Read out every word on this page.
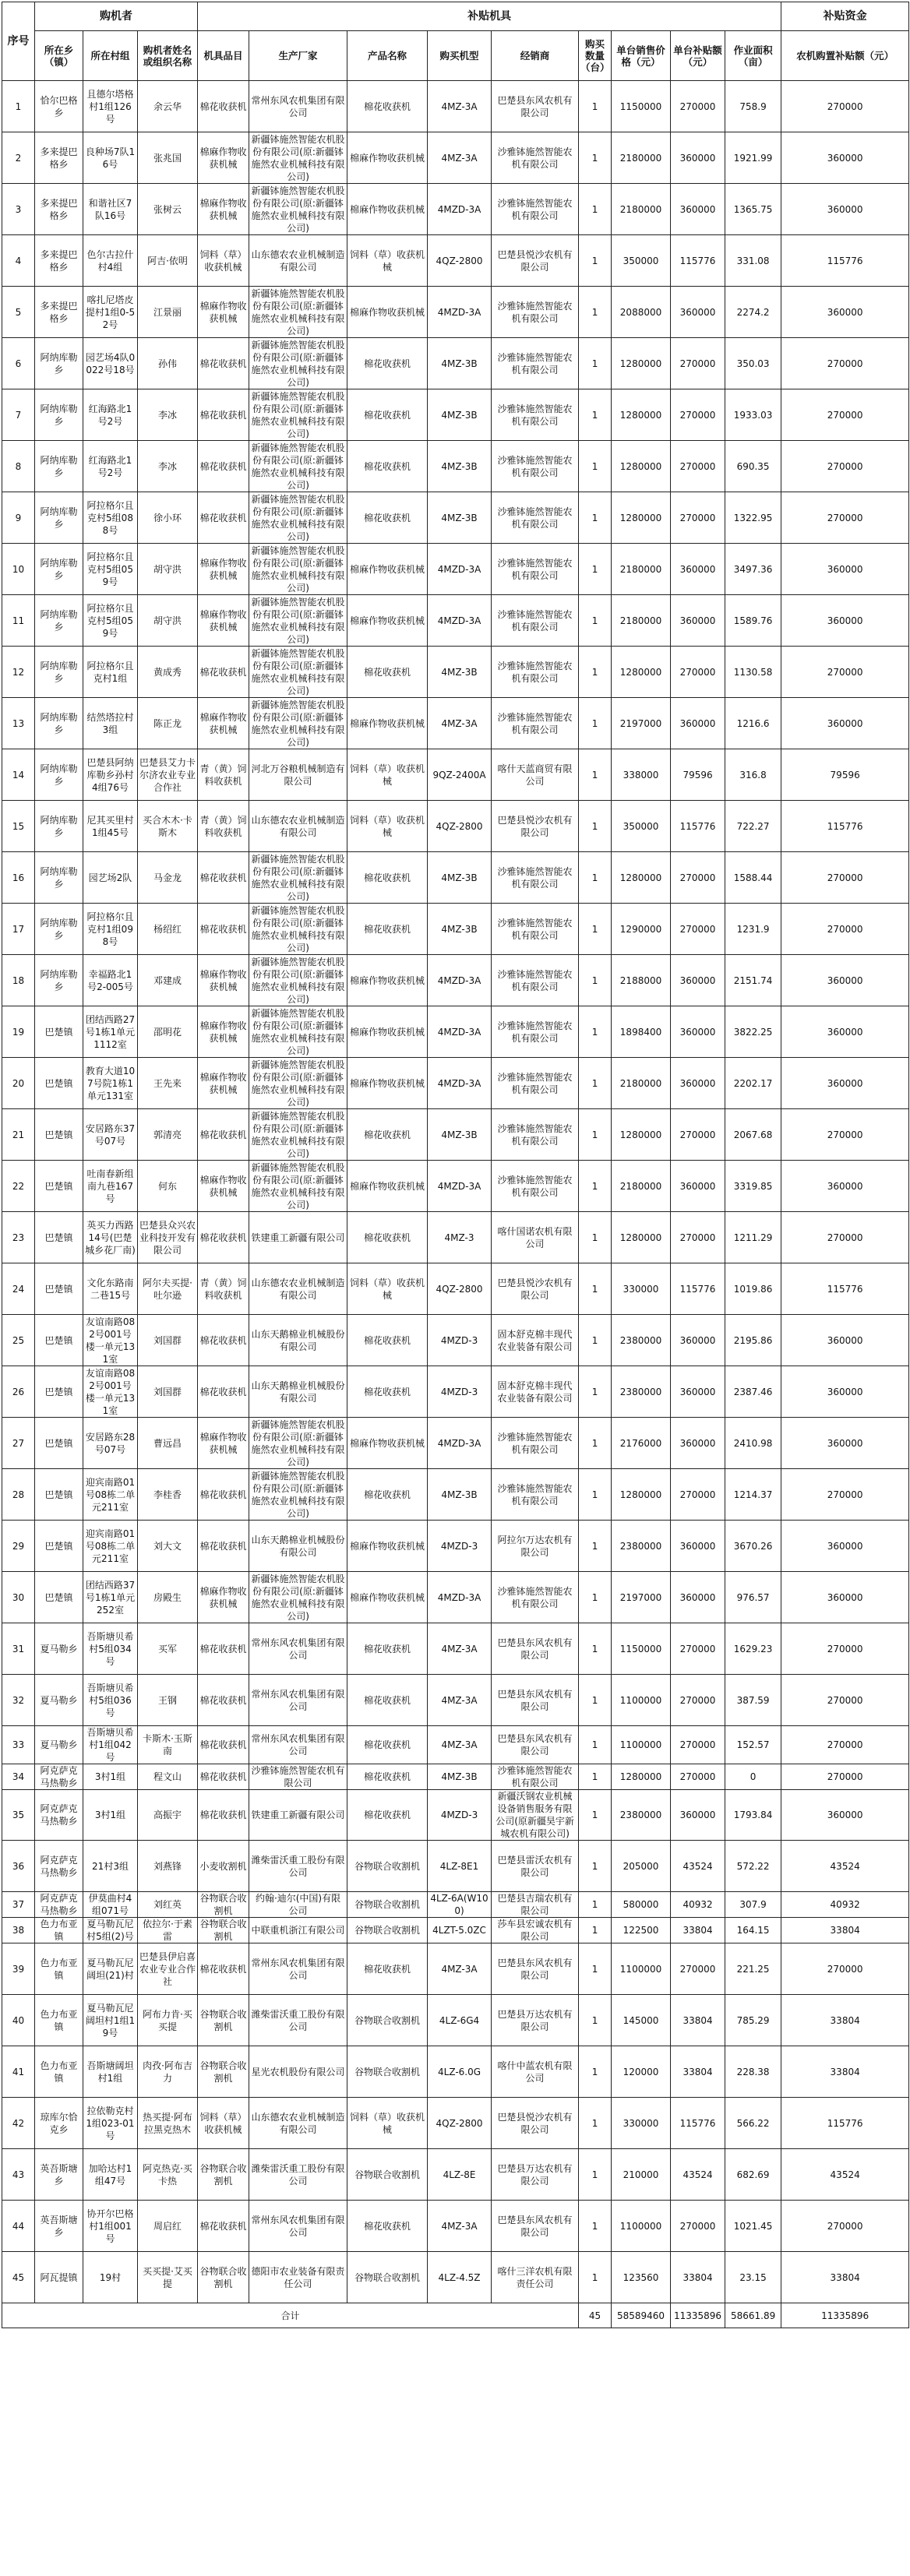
序号	购机者			补贴机具									补贴资金
	所在乡（镇）	所在村组	购机者姓名或组织名称	机具品目	生产厂家	产品名称	购买机型	经销商	购买数量（台）	单台销售价格（元）	单台补贴额（元）	作业面积（亩）	农机购置补贴额（元）
1	恰尔巴格乡	且德尔塔格村1组126号	余云华	棉花收获机	常州东风农机集团有限公司	棉花收获机	4MZ-3A	巴楚县东风农机有限公司	1	1150000	270000	758.9	270000
2	多来提巴格乡	良种场7队16号	张兆国	棉麻作物收获机械	新疆钵施然智能农机股份有限公司(原:新疆钵施然农业机械科技有限公司)	棉麻作物收获机械	4MZ-3A	沙雅钵施然智能农机有限公司	1	2180000	360000	1921.99	360000
3	多来提巴格乡	和谐社区7队16号	张树云	棉麻作物收获机械	新疆钵施然智能农机股份有限公司(原:新疆钵施然农业机械科技有限公司)	棉麻作物收获机械	4MZD-3A	沙雅钵施然智能农机有限公司	1	2180000	360000	1365.75	360000
4	多来提巴格乡	色尔古拉什村4组	阿吉·依明	饲料（草）收获机械	山东德农农业机械制造有限公司	饲料（草）收获机械	4QZ-2800	巴楚县悦沙农机有限公司	1	350000	115776	331.08	115776
5	多来提巴格乡	喀扎尼塔皮提村1组0-52号	江景丽	棉麻作物收获机械	新疆钵施然智能农机股份有限公司(原:新疆钵施然农业机械科技有限公司)	棉麻作物收获机械	4MZD-3A	沙雅钵施然智能农机有限公司	1	2088000	360000	2274.2	360000
6	阿纳库勒乡	园艺场4队0022号18号	孙伟	棉花收获机	新疆钵施然智能农机股份有限公司(原:新疆钵施然农业机械科技有限公司)	棉花收获机	4MZ-3B	沙雅钵施然智能农机有限公司	1	1280000	270000	350.03	270000
7	阿纳库勒乡	红海路北1号2号	李冰	棉花收获机	新疆钵施然智能农机股份有限公司(原:新疆钵施然农业机械科技有限公司)	棉花收获机	4MZ-3B	沙雅钵施然智能农机有限公司	1	1280000	270000	1933.03	270000
8	阿纳库勒乡	红海路北1号2号	李冰	棉花收获机	新疆钵施然智能农机股份有限公司(原:新疆钵施然农业机械科技有限公司)	棉花收获机	4MZ-3B	沙雅钵施然智能农机有限公司	1	1280000	270000	690.35	270000
9	阿纳库勒乡	阿拉格尔且克村5组088号	徐小环	棉花收获机	新疆钵施然智能农机股份有限公司(原:新疆钵施然农业机械科技有限公司)	棉花收获机	4MZ-3B	沙雅钵施然智能农机有限公司	1	1280000	270000	1322.95	270000
10	阿纳库勒乡	阿拉格尔且克村5组059号	胡守洪	棉麻作物收获机械	新疆钵施然智能农机股份有限公司(原:新疆钵施然农业机械科技有限公司)	棉麻作物收获机械	4MZD-3A	沙雅钵施然智能农机有限公司	1	2180000	360000	3497.36	360000
11	阿纳库勒乡	阿拉格尔且克村5组059号	胡守洪	棉麻作物收获机械	新疆钵施然智能农机股份有限公司(原:新疆钵施然农业机械科技有限公司)	棉麻作物收获机械	4MZD-3A	沙雅钵施然智能农机有限公司	1	2180000	360000	1589.76	360000
12	阿纳库勒乡	阿拉格尔且克村1组	黄成秀	棉花收获机	新疆钵施然智能农机股份有限公司(原:新疆钵施然农业机械科技有限公司)	棉花收获机	4MZ-3B	沙雅钵施然智能农机有限公司	1	1280000	270000	1130.58	270000
13	阿纳库勒乡	结然塔拉村3组	陈正龙	棉麻作物收获机械	新疆钵施然智能农机股份有限公司(原:新疆钵施然农业机械科技有限公司)	棉麻作物收获机械	4MZ-3A	沙雅钵施然智能农机有限公司	1	2197000	360000	1216.6	360000
14	阿纳库勒乡	巴楚县阿纳库勒乡孙村4组76号	巴楚县艾力卡尔济农业专业合作社	青（黄）饲料收获机	河北万谷粮机械制造有限公司	饲料（草）收获机械	9QZ-2400A	喀什天蓝商贸有限公司	1	338000	79596	316.8	79596
15	阿纳库勒乡	尼其买里村1组45号	买合木木·卡斯木	青（黄）饲料收获机	山东德农农业机械制造有限公司	饲料（草）收获机械	4QZ-2800	巴楚县悦沙农机有限公司	1	350000	115776	722.27	115776
16	阿纳库勒乡	园艺场2队	马金龙	棉花收获机	新疆钵施然智能农机股份有限公司(原:新疆钵施然农业机械科技有限公司)	棉花收获机	4MZ-3B	沙雅钵施然智能农机有限公司	1	1280000	270000	1588.44	270000
17	阿纳库勒乡	阿拉格尔且克村1组098号	杨绍红	棉花收获机	新疆钵施然智能农机股份有限公司(原:新疆钵施然农业机械科技有限公司)	棉花收获机	4MZ-3B	沙雅钵施然智能农机有限公司	1	1290000	270000	1231.9	270000
18	阿纳库勒乡	幸福路北1号2-005号	邓建成	棉麻作物收获机械	新疆钵施然智能农机股份有限公司(原:新疆钵施然农业机械科技有限公司)	棉麻作物收获机械	4MZD-3A	沙雅钵施然智能农机有限公司	1	2188000	360000	2151.74	360000
19	巴楚镇	团结西路27号1栋1单元1112室	邵明花	棉麻作物收获机械	新疆钵施然智能农机股份有限公司(原:新疆钵施然农业机械科技有限公司)	棉麻作物收获机械	4MZD-3A	沙雅钵施然智能农机有限公司	1	1898400	360000	3822.25	360000
20	巴楚镇	教育大道107号院1栋1单元131室	王先来	棉麻作物收获机械	新疆钵施然智能农机股份有限公司(原:新疆钵施然农业机械科技有限公司)	棉麻作物收获机械	4MZD-3A	沙雅钵施然智能农机有限公司	1	2180000	360000	2202.17	360000
21	巴楚镇	安居路东37号07号	郭清亮	棉花收获机	新疆钵施然智能农机股份有限公司(原:新疆钵施然农业机械科技有限公司)	棉花收获机	4MZ-3B	沙雅钵施然智能农机有限公司	1	1280000	270000	2067.68	270000
22	巴楚镇	吐南春新组南九巷167号	何东	棉麻作物收获机械	新疆钵施然智能农机股份有限公司(原:新疆钵施然农业机械科技有限公司)	棉麻作物收获机械	4MZD-3A	沙雅钵施然智能农机有限公司	1	2180000	360000	3319.85	360000
23	巴楚镇	英买力西路14号(巴楚城乡花厂南)	巴楚县众兴农业科技开发有限公司	棉花收获机	铁建重工新疆有限公司	棉花收获机	4MZ-3	喀什国诺农机有限公司	1	1280000	270000	1211.29	270000
24	巴楚镇	文化东路南二巷15号	阿尔夫买提·吐尔逊	青（黄）饲料收获机	山东德农农业机械制造有限公司	饲料（草）收获机械	4QZ-2800	巴楚县悦沙农机有限公司	1	330000	115776	1019.86	115776
25	巴楚镇	友谊南路082号001号楼一单元131室	刘国群	棉花收获机	山东天鹅棉业机械股份有限公司	棉花收获机	4MZD-3	固本舒克棉丰现代农业装备有限公司	1	2380000	360000	2195.86	360000
26	巴楚镇	友谊南路082号001号楼一单元131室	刘国群	棉花收获机	山东天鹅棉业机械股份有限公司	棉花收获机	4MZD-3	固本舒克棉丰现代农业装备有限公司	1	2380000	360000	2387.46	360000
27	巴楚镇	安居路东28号07号	曹远昌	棉麻作物收获机械	新疆钵施然智能农机股份有限公司(原:新疆钵施然农业机械科技有限公司)	棉麻作物收获机械	4MZD-3A	沙雅钵施然智能农机有限公司	1	2176000	360000	2410.98	360000
28	巴楚镇	迎宾南路01号08栋二单元211室	李桂香	棉花收获机	新疆钵施然智能农机股份有限公司(原:新疆钵施然农业机械科技有限公司)	棉花收获机	4MZ-3B	沙雅钵施然智能农机有限公司	1	1280000	270000	1214.37	270000
29	巴楚镇	迎宾南路01号08栋二单元211室	刘大文	棉花收获机	山东天鹅棉业机械股份有限公司	棉麻作物收获机械	4MZD-3	阿拉尔万达农机有限公司	1	2380000	360000	3670.26	360000
30	巴楚镇	团结西路37号1栋1单元252室	房殿生	棉麻作物收获机械	新疆钵施然智能农机股份有限公司(原:新疆钵施然农业机械科技有限公司)	棉麻作物收获机械	4MZD-3A	沙雅钵施然智能农机有限公司	1	2197000	360000	976.57	360000
31	夏马勒乡	吾斯塘贝希村5组034号	买军	棉花收获机	常州东风农机集团有限公司	棉花收获机	4MZ-3A	巴楚县东风农机有限公司	1	1150000	270000	1629.23	270000
32	夏马勒乡	吾斯塘贝希村5组036号	王钢	棉花收获机	常州东风农机集团有限公司	棉花收获机	4MZ-3A	巴楚县东风农机有限公司	1	1100000	270000	387.59	270000
33	夏马勒乡	吾斯塘贝希村1组042号	卡斯木·玉斯南	棉花收获机	常州东风农机集团有限公司	棉花收获机	4MZ-3A	巴楚县东风农机有限公司	1	1100000	270000	152.57	270000
34	阿克萨克马热勒乡	3村1组	程文山	棉花收获机	沙雅钵施然智能农机有限公司	棉花收获机	4MZ-3B	沙雅钵施然智能农机有限公司	1	1280000	270000	0	270000
35	阿克萨克马热勒乡	3村1组	高振宇	棉花收获机	铁建重工新疆有限公司	棉花收获机	4MZD-3	新疆沃钢农业机械设备销售服务有限公司(原新疆昊宇新城农机有限公司)	1	2380000	360000	1793.84	360000
36	阿克萨克马热勒乡	21村3组	刘燕锋	小麦收割机	潍柴雷沃重工股份有限公司	谷物联合收割机	4LZ-8E1	巴楚县雷沃农机有限公司	1	205000	43524	572.22	43524
37	阿克萨克马热勒乡	伊莫曲村4组071号	刘红英	谷物联合收割机	约翰·迪尔(中国)有限公司	谷物联合收割机	4LZ-6A(W100)	巴楚县吉瑞农机有限公司	1	580000	40932	307.9	40932
38	色力布亚镇	夏马勒瓦尼村5组(2)号	依拉尔·于素雷	谷物联合收割机	中联重机浙江有限公司	谷物联合收割机	4LZT-5.0ZC	莎车县宏诚农机有限公司	1	122500	33804	164.15	33804
39	色力布亚镇	夏马勒瓦尼阔坦(21)村	巴楚县伊启喜农业专业合作社	棉花收获机	常州东风农机集团有限公司	棉花收获机	4MZ-3A	巴楚县东风农机有限公司	1	1100000	270000	221.25	270000
40	色力布亚镇	夏马勒瓦尼阔坦村1组19号	阿布力肯·买买提	谷物联合收割机	潍柴雷沃重工股份有限公司	谷物联合收割机	4LZ-6G4	巴楚县万达农机有限公司	1	145000	33804	785.29	33804
41	色力布亚镇	吾斯塘阔坦村1组	肉孜·阿布吉力	谷物联合收割机	星光农机股份有限公司	谷物联合收割机	4LZ-6.0G	喀什中蓝农机有限公司	1	120000	33804	228.38	33804
42	琼库尔恰克乡	拉依勒克村1组023-01号	热买提·阿布拉黑克热木	饲料（草）收获机械	山东德农农业机械制造有限公司	饲料（草）收获机械	4QZ-2800	巴楚县悦沙农机有限公司	1	330000	115776	566.22	115776
43	英吾斯塘乡	加哈达村1组47号	阿克热克·买卡热	谷物联合收割机	潍柴雷沃重工股份有限公司	谷物联合收割机	4LZ-8E	巴楚县万达农机有限公司	1	210000	43524	682.69	43524
44	英吾斯塘乡	协开尔巴格村1组001号	周启红	棉花收获机	常州东风农机集团有限公司	棉花收获机	4MZ-3A	巴楚县东风农机有限公司	1	1100000	270000	1021.45	270000
45	阿瓦提镇	19村	买买提·艾买提	谷物联合收割机	德阳市农业装备有限责任公司	谷物联合收割机	4LZ-4.5Z	喀什三洋农机有限责任公司	1	123560	33804	23.15	33804
合计									45	58589460	11335896	58661.89	11335896
